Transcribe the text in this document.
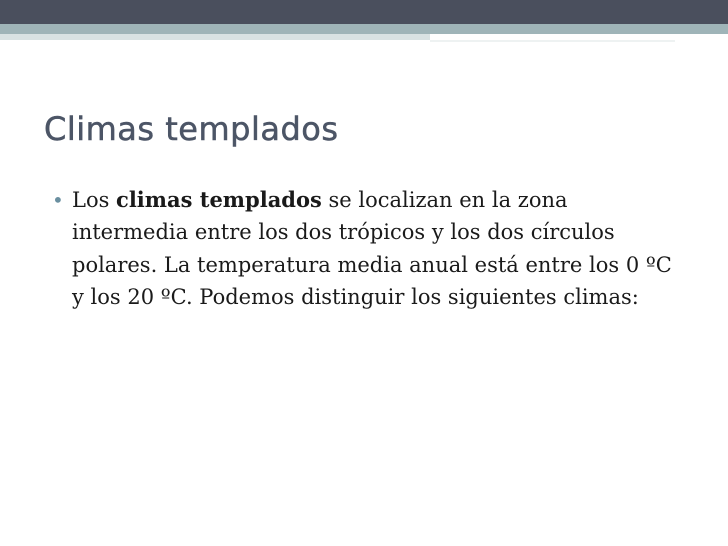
Climas templados
• Los climas templados se localizan en la zona intermedia entre los dos trópicos y los dos círculos polares. La temperatura media anual está entre los 0 ºC y los 20 ºC. Podemos distinguir los siguientes climas:
